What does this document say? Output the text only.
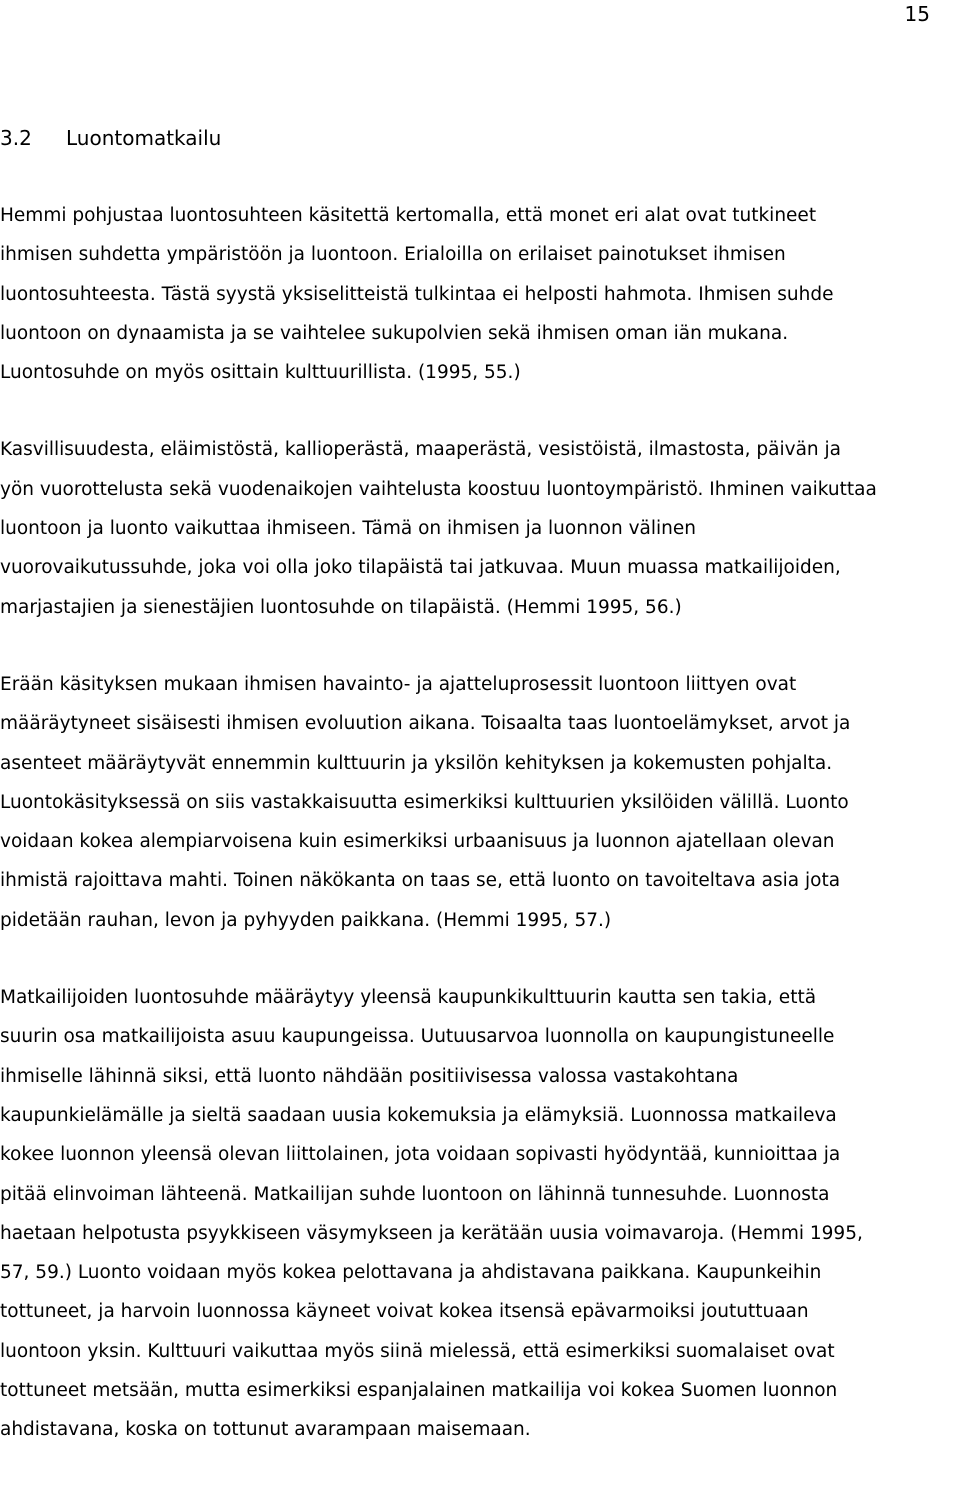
15
3.2 Luontomatkailu

Hemmi pohjustaa luontosuhteen käsitettä kertomalla, että monet eri alat ovat tutkineet
ihmisen suhdetta ympäristöön ja luontoon. Erialoilla on erilaiset painotukset ihmisen
luontosuhteesta. Tästä syystä yksiselitteistä tulkintaa ei helposti hahmota. Ihmisen suhde
luontoon on dynaamista ja se vaihtelee sukupolvien sekä ihmisen oman iän mukana.
Luontosuhde on myös osittain kulttuurillista. (1995, 55.)

Kasvillisuudesta, eläimistöstä, kallioperästä, maaperästä, vesistöistä, ilmastosta, päivän ja
yön vuorottelusta sekä vuodenaikojen vaihtelusta koostuu luontoympäristö. Ihminen vaikuttaa
luontoon ja luonto vaikuttaa ihmiseen. Tämä on ihmisen ja luonnon välinen
vuorovaikutussuhde, joka voi olla joko tilapäistä tai jatkuvaa. Muun muassa matkailijoiden,
marjastajien ja sienestäjien luontosuhde on tilapäistä. (Hemmi 1995, 56.)

Erään käsityksen mukaan ihmisen havainto- ja ajatteluprosessit luontoon liittyen ovat
määräytyneet sisäisesti ihmisen evoluution aikana. Toisaalta taas luontoelämykset, arvot ja
asenteet määräytyvät ennemmin kulttuurin ja yksilön kehityksen ja kokemusten pohjalta.
Luontokäsityksessä on siis vastakkaisuutta esimerkiksi kulttuurien yksilöiden välillä. Luonto
voidaan kokea alempiarvoisena kuin esimerkiksi urbaanisuus ja luonnon ajatellaan olevan
ihmistä rajoittava mahti. Toinen näkökanta on taas se, että luonto on tavoiteltava asia jota
pidetään rauhan, levon ja pyhyyden paikkana. (Hemmi 1995, 57.)

Matkailijoiden luontosuhde määräytyy yleensä kaupunkikulttuurin kautta sen takia, että
suurin osa matkailijoista asuu kaupungeissa. Uutuusarvoa luonnolla on kaupungistuneelle
ihmiselle lähinnä siksi, että luonto nähdään positiivisessa valossa vastakohtana
kaupunkielämälle ja sieltä saadaan uusia kokemuksia ja elämyksiä. Luonnossa matkaileva
kokee luonnon yleensä olevan liittolainen, jota voidaan sopivasti hyödyntää, kunnioittaa ja
pitää elinvoiman lähteenä. Matkailijan suhde luontoon on lähinnä tunnesuhde. Luonnosta
haetaan helpotusta psyykkiseen väsymykseen ja kerätään uusia voimavaroja. (Hemmi 1995,
57, 59.) Luonto voidaan myös kokea pelottavana ja ahdistavana paikkana. Kaupunkeihin
tottuneet, ja harvoin luonnossa käyneet voivat kokea itsensä epävarmoiksi joututtuaan
luontoon yksin. Kulttuuri vaikuttaa myös siinä mielessä, että esimerkiksi suomalaiset ovat
tottuneet metsään, mutta esimerkiksi espanjalainen matkailija voi kokea Suomen luonnon
ahdistavana, koska on tottunut avarampaan maisemaan.
